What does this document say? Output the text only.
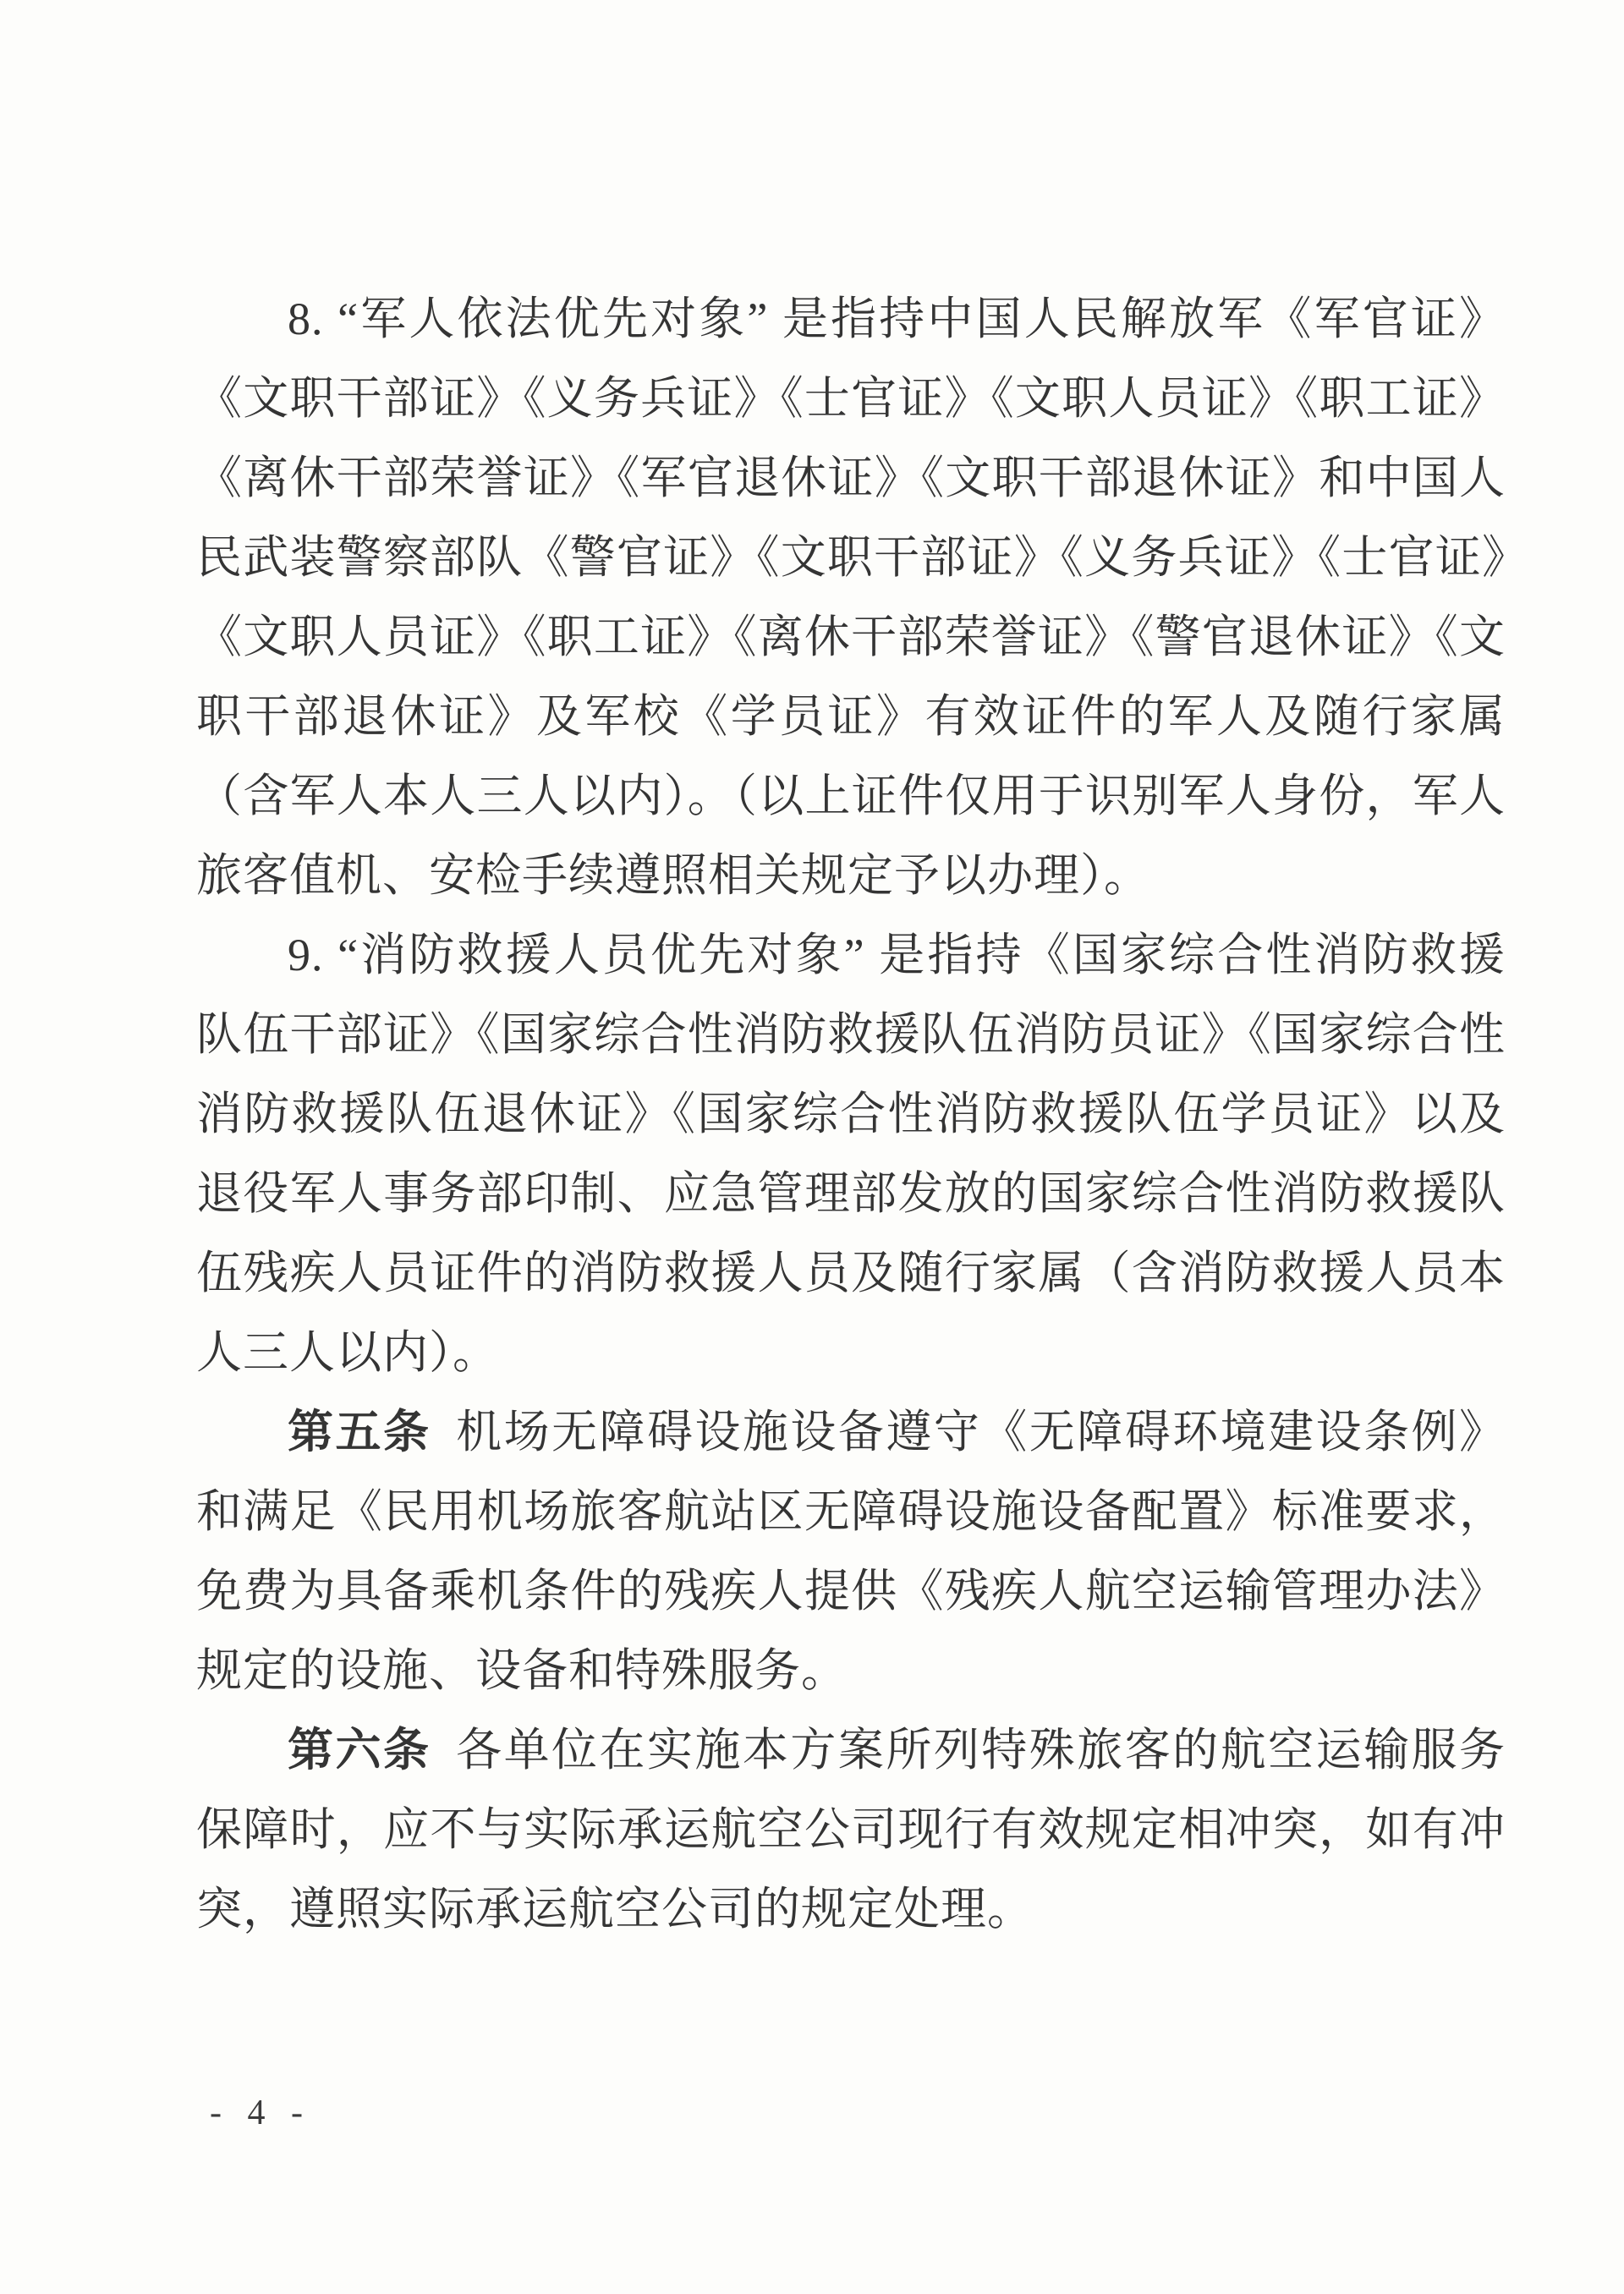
8. “军人依法优先对象” 是指持中国人民解放军《军官证》《文职干部证》《义务兵证》《士官证》《文职人员证》《职工证》《离休干部荣誉证》《军官退休证》《文职干部退休证》和中国人民武装警察部队《警官证》《文职干部证》《义务兵证》《士官证》《文职人员证》《职工证》《离休干部荣誉证》《警官退休证》《文职干部退休证》及军校《学员证》有效证件的军人及随行家属（含军人本人三人以内）。（以上证件仅用于识别军人身份，军人旅客值机、安检手续遵照相关规定予以办理）。

9. “消防救援人员优先对象” 是指持《国家综合性消防救援队伍干部证》《国家综合性消防救援队伍消防员证》《国家综合性消防救援队伍退休证》《国家综合性消防救援队伍学员证》以及退役军人事务部印制、应急管理部发放的国家综合性消防救援队伍残疾人员证件的消防救援人员及随行家属（含消防救援人员本人三人以内）。

第五条 机场无障碍设施设备遵守《无障碍环境建设条例》和满足《民用机场旅客航站区无障碍设施设备配置》标准要求，免费为具备乘机条件的残疾人提供《残疾人航空运输管理办法》规定的设施、设备和特殊服务。

第六条 各单位在实施本方案所列特殊旅客的航空运输服务保障时，应不与实际承运航空公司现行有效规定相冲突，如有冲突，遵照实际承运航空公司的规定处理。

- 4 -
